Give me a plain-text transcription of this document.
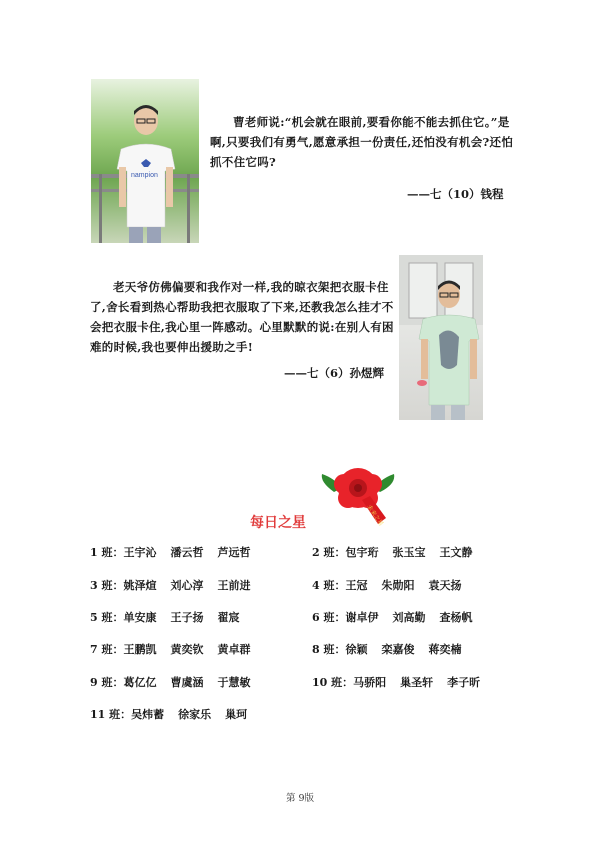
nampion
曹老师说:“机会就在眼前,要看你能不能去抓住它。”是啊,只要我们有勇气,愿意承担一份责任,还怕没有机会?还怕抓不住它吗?
——七（10）钱程
老天爷仿佛偏要和我作对一样,我的晾衣架把衣服卡住了,舍长看到热心帮助我把衣服取了下来,还教我怎么挂才不会把衣服卡住,我心里一阵感动。心里默默的说:在别人有困难的时候,我也要伸出援助之手!
——七（6）孙煜辉
未来之星
每日之星
1 班：王宇沁 潘云哲 芦远哲	2 班：包宇珩 张玉宝 王文静
3 班：姚泽煊 刘心淳 王前进	4 班：王冠 朱勋阳 袁天扬
5 班：单安康 王子扬 翟宸	6 班：谢卓伊 刘高勤 查杨帆
7 班：王鹏凯 黄奕钦 黄卓群	8 班：徐颖 栾嘉俊 蒋奕楠
9 班：葛亿亿 曹虞涵 于慧敏	10 班：马骄阳 巢圣轩 李子昕
11 班：吴炜蓄 徐家乐 巢珂
第 9版
